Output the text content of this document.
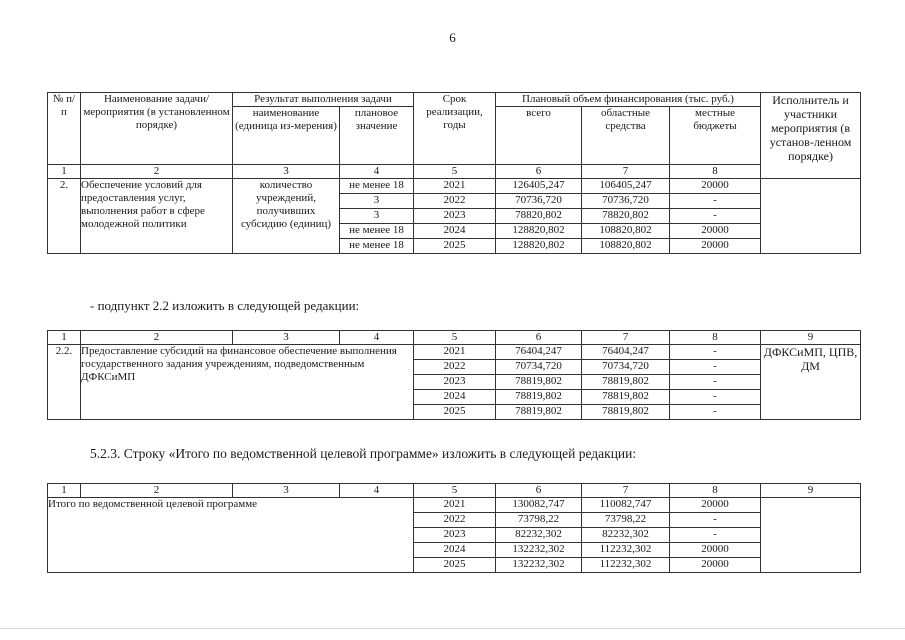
6
№ п/п	Наименование задачи/ мероприятия (в установленном порядке)	Результат выполнения задачи		Срок реализации, годы	Плановый объем финансирования (тыс. руб.)			Исполнитель и участники мероприятия (в установ-ленном порядке)
		наименование (единица из-мерения)	плановое значение		всего	областные средства	местные бюджеты	
1	2	3	4	5	6	7	8	
2.	Обеспечение условий для предоставления услуг, выполнения работ в сфере молодежной политики	количество учреждений, получивших субсидию (единиц)	не менее 18	2021	126405,247	106405,247	20000	
			3	2022	70736,720	70736,720	-	
			3	2023	78820,802	78820,802	-	
			не менее 18	2024	128820,802	108820,802	20000	
			не менее 18	2025	128820,802	108820,802	20000	
- подпункт 2.2 изложить в следующей редакции:
1	2	3	4	5	6	7	8	9
2.2.	Предоставление субсидий на финансовое обеспечение выполнения государственного задания учреждениям, подведомственным ДФКСиМП			2021	76404,247	76404,247	-	ДФКСиМП, ЦПВ, ДМ
				2022	70734,720	70734,720	-	
				2023	78819,802	78819,802	-	
				2024	78819,802	78819,802	-	
				2025	78819,802	78819,802	-	
5.2.3. Строку «Итого по ведомственной целевой программе» изложить в следующей редакции:
1	2	3	4	5	6	7	8	9
Итого по ведомственной целевой программе				2021	130082,747	110082,747	20000	
				2022	73798,22	73798,22	-	
				2023	82232,302	82232,302	-	
				2024	132232,302	112232,302	20000	
				2025	132232,302	112232,302	20000	
